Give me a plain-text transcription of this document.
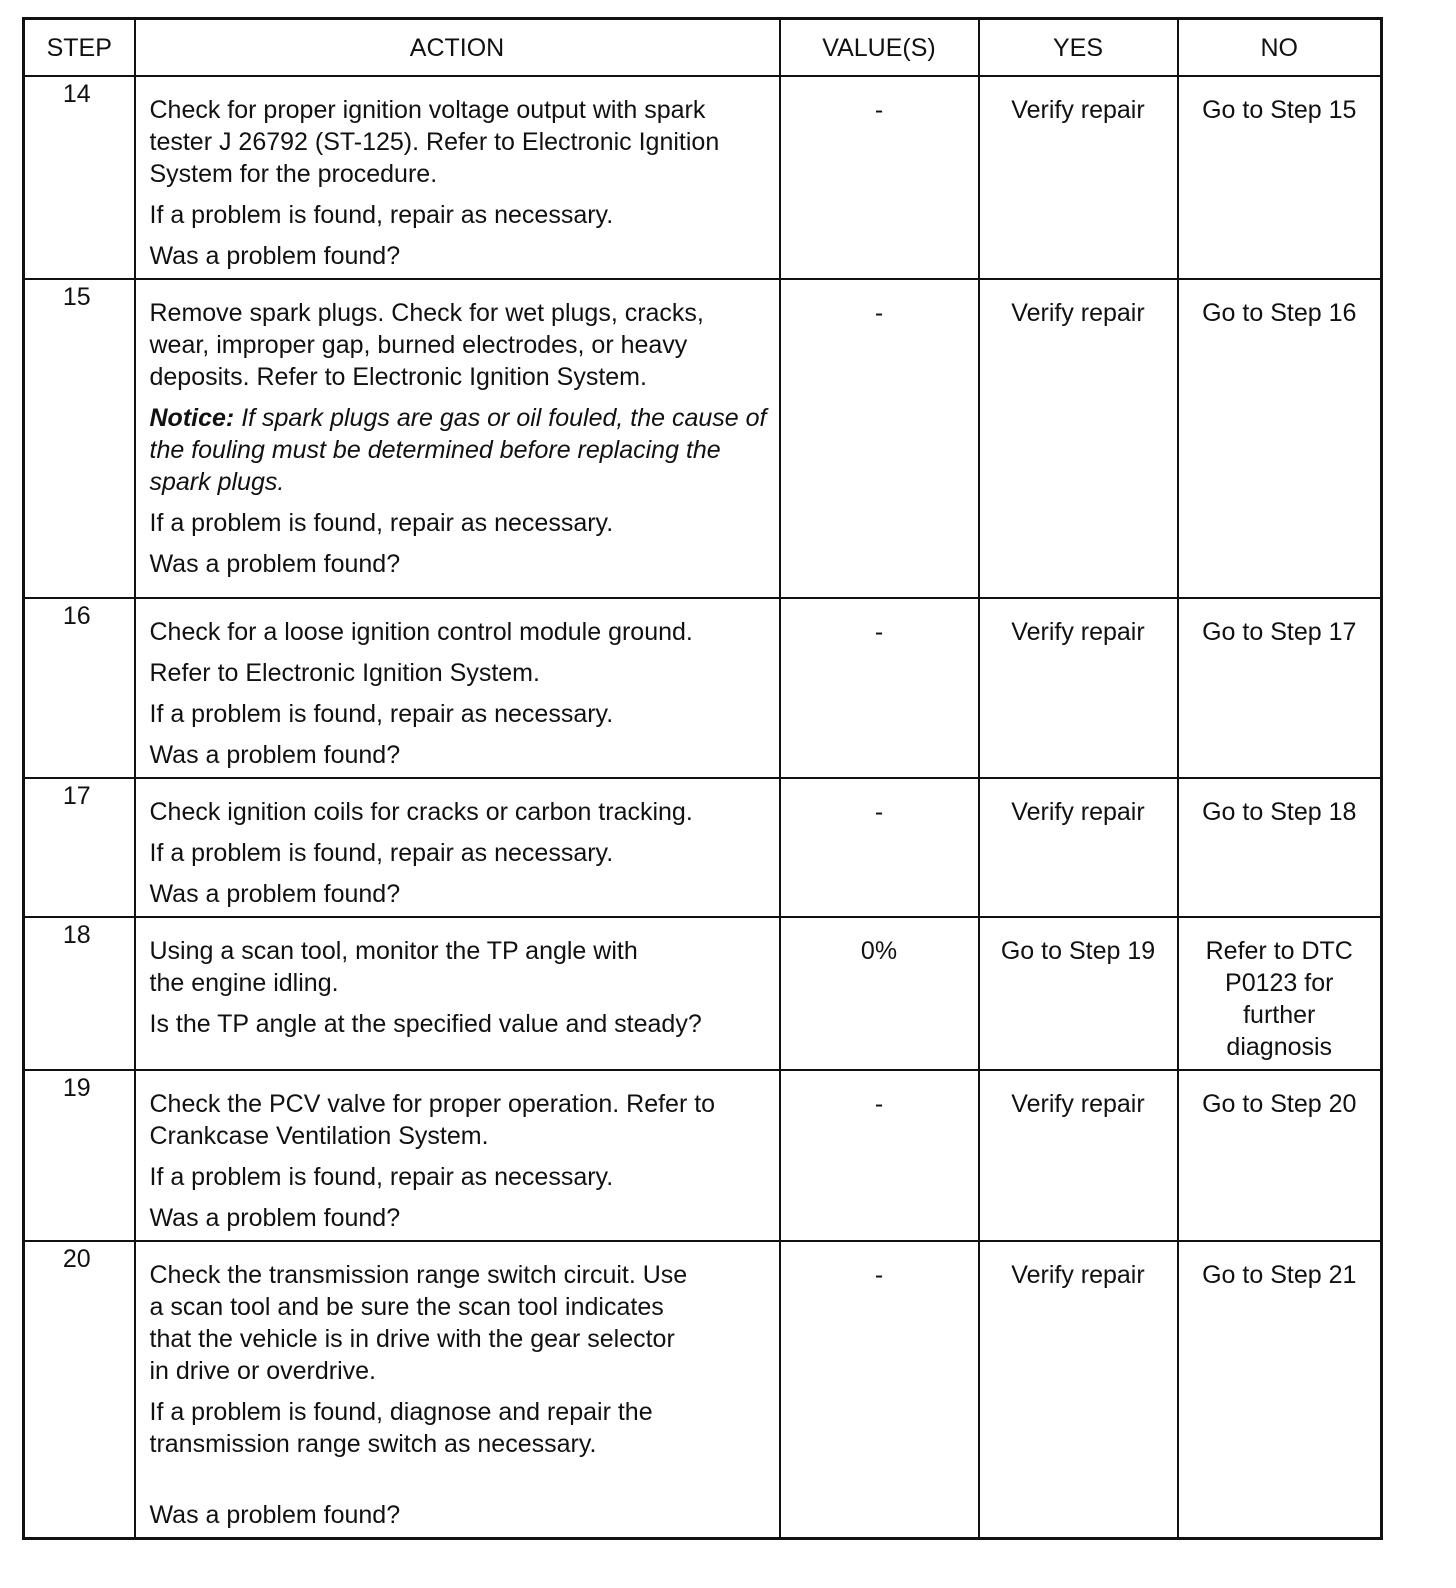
STEP	ACTION	VALUE(S)	YES	NO
14	Check for proper ignition voltage output with spark tester J 26792 (ST-125). Refer to Electronic Ignition System for the procedure.
If a problem is found, repair as necessary.
Was a problem found?	-	Verify repair	Go to Step 15
15	Remove spark plugs. Check for wet plugs, cracks, wear, improper gap, burned electrodes, or heavy deposits. Refer to Electronic Ignition System.
Notice: If spark plugs are gas or oil fouled, the cause of the fouling must be determined before replacing the spark plugs.
If a problem is found, repair as necessary.
Was a problem found?	-	Verify repair	Go to Step 16
16	Check for a loose ignition control module ground.
Refer to Electronic Ignition System.
If a problem is found, repair as necessary.
Was a problem found?	-	Verify repair	Go to Step 17
17	Check ignition coils for cracks or carbon tracking.
If a problem is found, repair as necessary.
Was a problem found?	-	Verify repair	Go to Step 18
18	Using a scan tool, monitor the TP angle with the engine idling.
Is the TP angle at the specified value and steady?	0%	Go to Step 19	Refer to DTC P0123 for further diagnosis
19	Check the PCV valve for proper operation. Refer to Crankcase Ventilation System.
If a problem is found, repair as necessary.
Was a problem found?	-	Verify repair	Go to Step 20
20	Check the transmission range switch circuit. Use a scan tool and be sure the scan tool indicates that the vehicle is in drive with the gear selector in drive or overdrive.
If a problem is found, diagnose and repair the transmission range switch as necessary.
Was a problem found?	-	Verify repair	Go to Step 21
